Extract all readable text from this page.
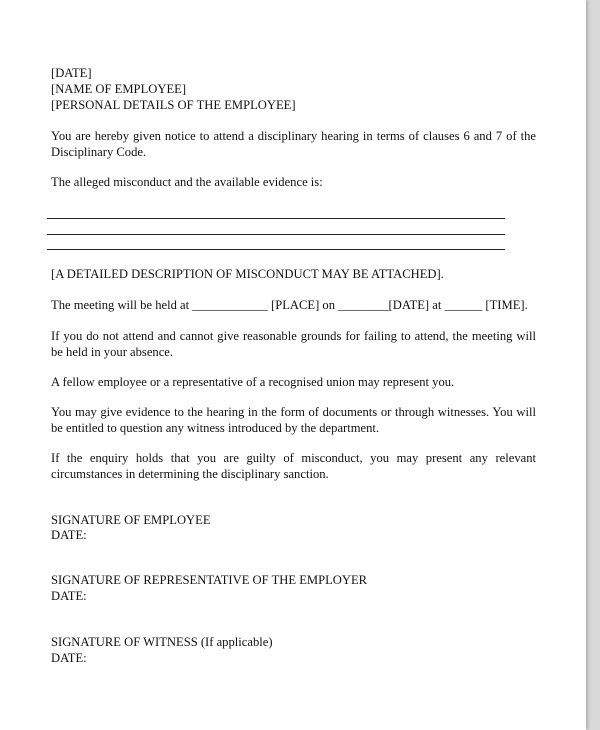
[DATE]
[NAME OF EMPLOYEE]
[PERSONAL DETAILS OF THE EMPLOYEE]
You are hereby given notice to attend a disciplinary hearing in terms of clauses 6 and 7 of the Disciplinary Code.
The alleged misconduct and the available evidence is:
[A DETAILED DESCRIPTION OF MISCONDUCT MAY BE ATTACHED].
The meeting will be held at ____________ [PLACE] on ________[DATE] at ______ [TIME].
If you do not attend and cannot give reasonable grounds for failing to attend, the meeting will be held in your absence.
A fellow employee or a representative of a recognised union may represent you.
You may give evidence to the hearing in the form of documents or through witnesses. You will be entitled to question any witness introduced by the department.
If the enquiry holds that you are guilty of misconduct, you may present any relevant circumstances in determining the disciplinary sanction.
SIGNATURE OF EMPLOYEE
DATE:
SIGNATURE OF REPRESENTATIVE OF THE EMPLOYER
DATE:
SIGNATURE OF WITNESS (If applicable)
DATE:
